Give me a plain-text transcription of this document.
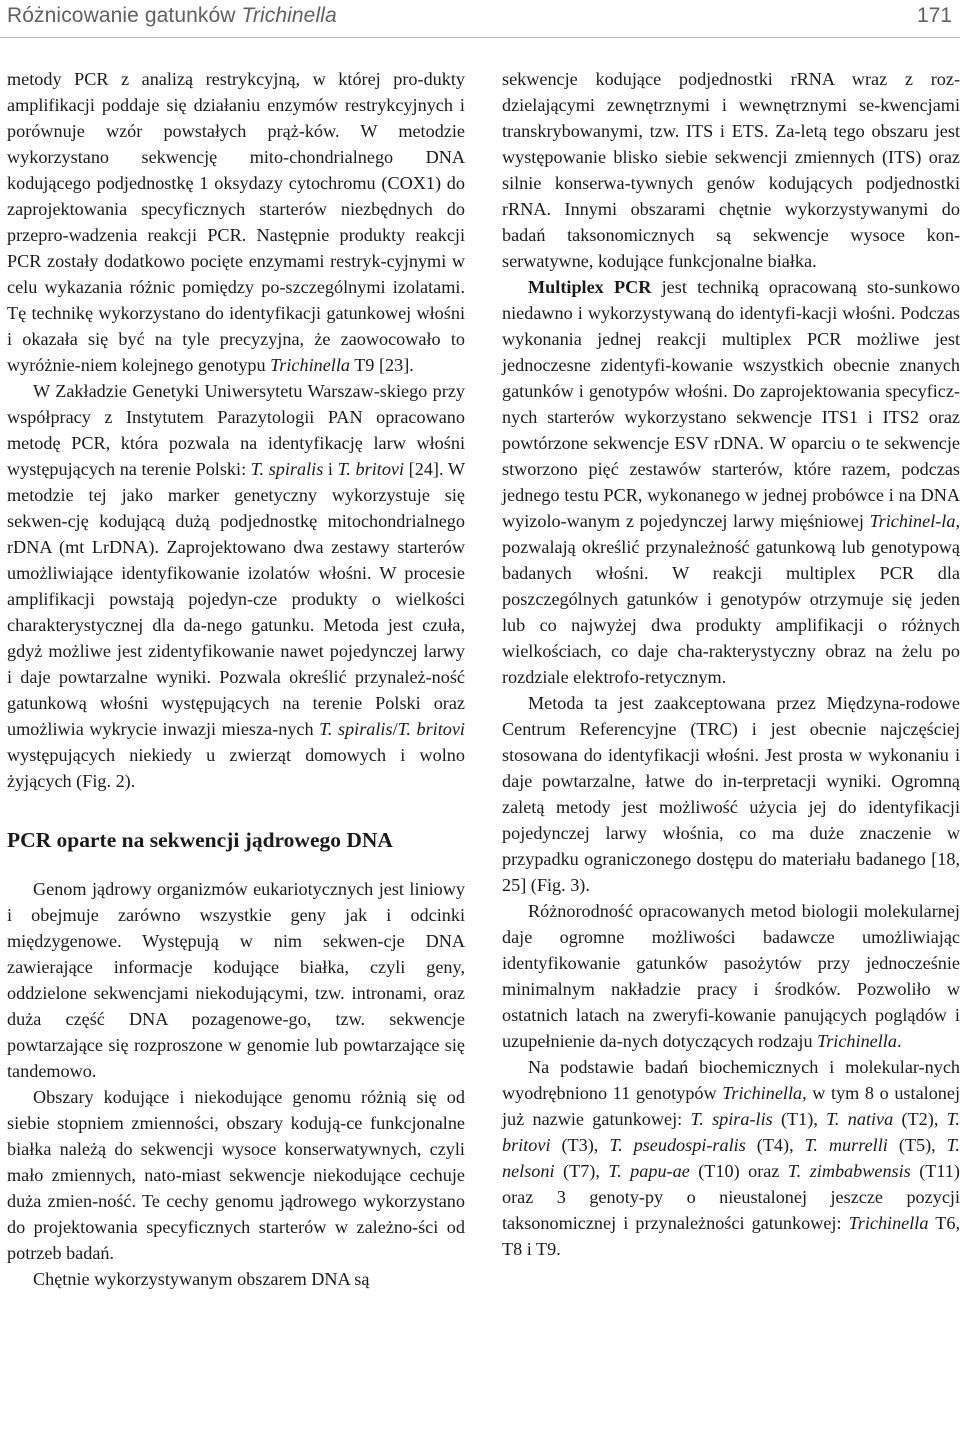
Różnicowanie gatunków Trichinella	171

metody PCR z analizą restrykcyjną, w której pro-dukty amplifikacji poddaje się działaniu enzymów restrykcyjnych i porównuje wzór powstałych prąż-ków. W metodzie wykorzystano sekwencję mito-chondrialnego DNA kodującego podjednostkę 1 oksydazy cytochromu (COX1) do zaprojektowania specyficznych starterów niezbędnych do przepro-wadzenia reakcji PCR. Następnie produkty reakcji PCR zostały dodatkowo pocięte enzymami restryk-cyjnymi w celu wykazania różnic pomiędzy po-szczególnymi izolatami. Tę technikę wykorzystano do identyfikacji gatunkowej włośni i okazała się być na tyle precyzyjna, że zaowocowało to wyróżnie-niem kolejnego genotypu Trichinella T9 [23].

W Zakładzie Genetyki Uniwersytetu Warszaw-skiego przy współpracy z Instytutem Parazytologii PAN opracowano metodę PCR, która pozwala na identyfikację larw włośni występujących na terenie Polski: T. spiralis i T. britovi [24]. W metodzie tej jako marker genetyczny wykorzystuje się sekwen-cję kodującą dużą podjednostkę mitochondrialnego rDNA (mt LrDNA). Zaprojektowano dwa zestawy starterów umożliwiające identyfikowanie izolatów włośni. W procesie amplifikacji powstają pojedyn-cze produkty o wielkości charakterystycznej dla da-nego gatunku. Metoda jest czuła, gdyż możliwe jest zidentyfikowanie nawet pojedynczej larwy i daje powtarzalne wyniki. Pozwala określić przynależ-ność gatunkową włośni występujących na terenie Polski oraz umożliwia wykrycie inwazji miesza-nych T. spiralis/T. britovi występujących niekiedy u zwierząt domowych i wolno żyjących (Fig. 2).

PCR oparte na sekwencji jądrowego DNA

Genom jądrowy organizmów eukariotycznych jest liniowy i obejmuje zarówno wszystkie geny jak i odcinki międzygenowe. Występują w nim sekwen-cje DNA zawierające informacje kodujące białka, czyli geny, oddzielone sekwencjami niekodującymi, tzw. intronami, oraz duża część DNA pozagenowe-go, tzw. sekwencje powtarzające się rozproszone w genomie lub powtarzające się tandemowo.

Obszary kodujące i niekodujące genomu różnią się od siebie stopniem zmienności, obszary kodują-ce funkcjonalne białka należą do sekwencji wysoce konserwatywnych, czyli mało zmiennych, nato-miast sekwencje niekodujące cechuje duża zmien-ność. Te cechy genomu jądrowego wykorzystano do projektowania specyficznych starterów w zależno-ści od potrzeb badań.

Chętnie wykorzystywanym obszarem DNA są

sekwencje kodujące podjednostki rRNA wraz z roz-dzielającymi zewnętrznymi i wewnętrznymi se-kwencjami transkrybowanymi, tzw. ITS i ETS. Za-letą tego obszaru jest występowanie blisko siebie sekwencji zmiennych (ITS) oraz silnie konserwa-tywnych genów kodujących podjednostki rRNA. Innymi obszarami chętnie wykorzystywanymi do badań taksonomicznych są sekwencje wysoce kon-serwatywne, kodujące funkcjonalne białka.

Multiplex PCR jest techniką opracowaną sto-sunkowo niedawno i wykorzystywaną do identyfi-kacji włośni. Podczas wykonania jednej reakcji multiplex PCR możliwe jest jednoczesne zidentyfi-kowanie wszystkich obecnie znanych gatunków i genotypów włośni. Do zaprojektowania specyficz-nych starterów wykorzystano sekwencje ITS1 i ITS2 oraz powtórzone sekwencje ESV rDNA. W oparciu o te sekwencje stworzono pięć zestawów starterów, które razem, podczas jednego testu PCR, wykonanego w jednej probówce i na DNA wyizolo-wanym z pojedynczej larwy mięśniowej Trichinel-la, pozwalają określić przynależność gatunkową lub genotypową badanych włośni. W reakcji multiplex PCR dla poszczególnych gatunków i genotypów otrzymuje się jeden lub co najwyżej dwa produkty amplifikacji o różnych wielkościach, co daje cha-rakterystyczny obraz na żelu po rozdziale elektrofo-retycznym.

Metoda ta jest zaakceptowana przez Międzyna-rodowe Centrum Referencyjne (TRC) i jest obecnie najczęściej stosowana do identyfikacji włośni. Jest prosta w wykonaniu i daje powtarzalne, łatwe do in-terpretacji wyniki. Ogromną zaletą metody jest możliwość użycia jej do identyfikacji pojedynczej larwy włośnia, co ma duże znaczenie w przypadku ograniczonego dostępu do materiału badanego [18, 25] (Fig. 3).

Różnorodność opracowanych metod biologii molekularnej daje ogromne możliwości badawcze umożliwiając identyfikowanie gatunków pasożytów przy jednocześnie minimalnym nakładzie pracy i środków. Pozwoliło w ostatnich latach na zweryfi-kowanie panujących poglądów i uzupełnienie da-nych dotyczących rodzaju Trichinella.

Na podstawie badań biochemicznych i molekular-nych wyodrębniono 11 genotypów Trichinella, w tym 8 o ustalonej już nazwie gatunkowej: T. spira-lis (T1), T. nativa (T2), T. britovi (T3), T. pseudospi-ralis (T4), T. murrelli (T5), T. nelsoni (T7), T. papu-ae (T10) oraz T. zimbabwensis (T11) oraz 3 genoty-py o nieustalonej jeszcze pozycji taksonomicznej i przynależności gatunkowej: Trichinella T6, T8 i T9.
